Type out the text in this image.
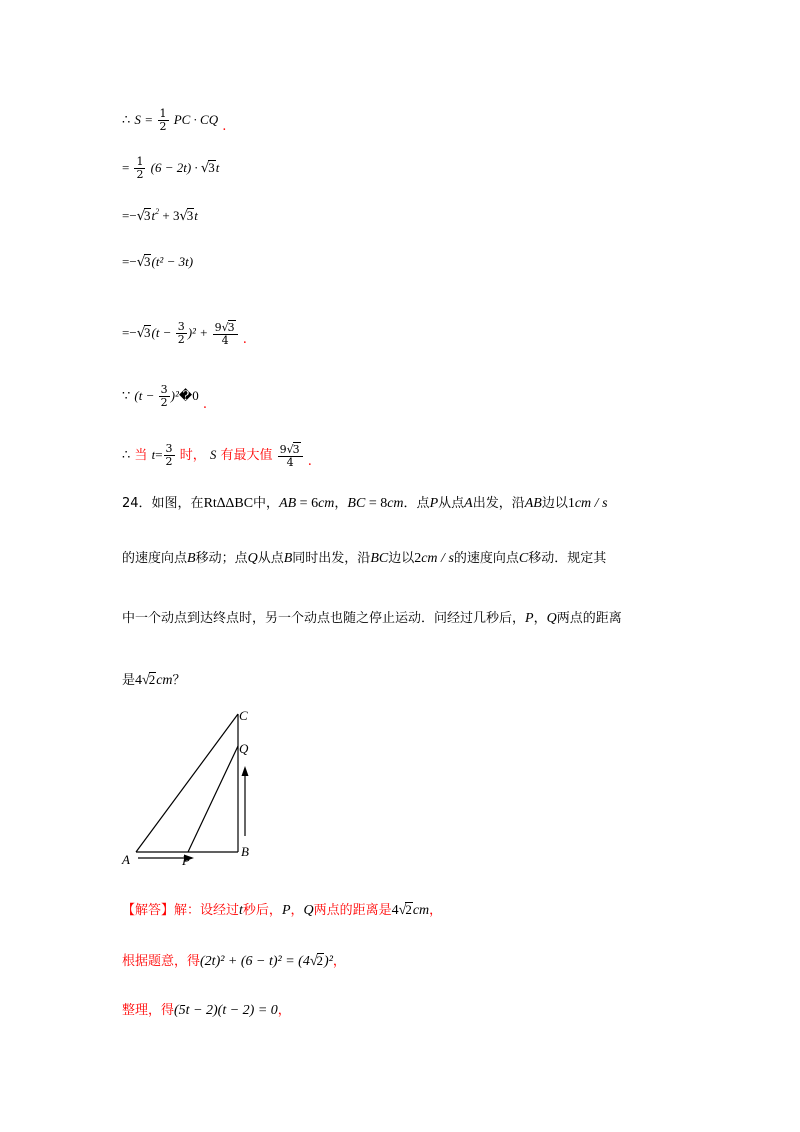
∴ $S = \frac{1}{2}$ PC · CQ .
= $\frac{1}{2} (6 - 2t) \cdot √3t$
$=-√3t^2 + 3√3t$
=−√3(t² − 3t)
$=-√3(t - \frac{3}{2} )^2 + \frac{9√3}{4}$ .
∵ ($t - \frac{3}{2}$ )²�0 .
∴ 当 $t= \frac{3}{2}$ 时， S 有最大值 $\frac{9√3}{4}$ .
24．如图，在Rt∆ΔBC中，AB = 6cm，BC = 8cm．点P从点A出发，沿AB边以1cm / s
的速度向点B移动；点Q从点B同时出发，沿BC边以2cm / s的速度向点C移动．规定其
中一个动点到达终点时，另一个动点也随之停止运动．问经过几秒后，P，Q两点的距离
是4√2cm？
C
Q
B
A	P
【解答】解：设经过t秒后，P，Q两点的距离是4√2cm，
根据题意，得(2t)² + (6 − t)² = (4√2)²，
整理，得(5t − 2)(t − 2) = 0，
